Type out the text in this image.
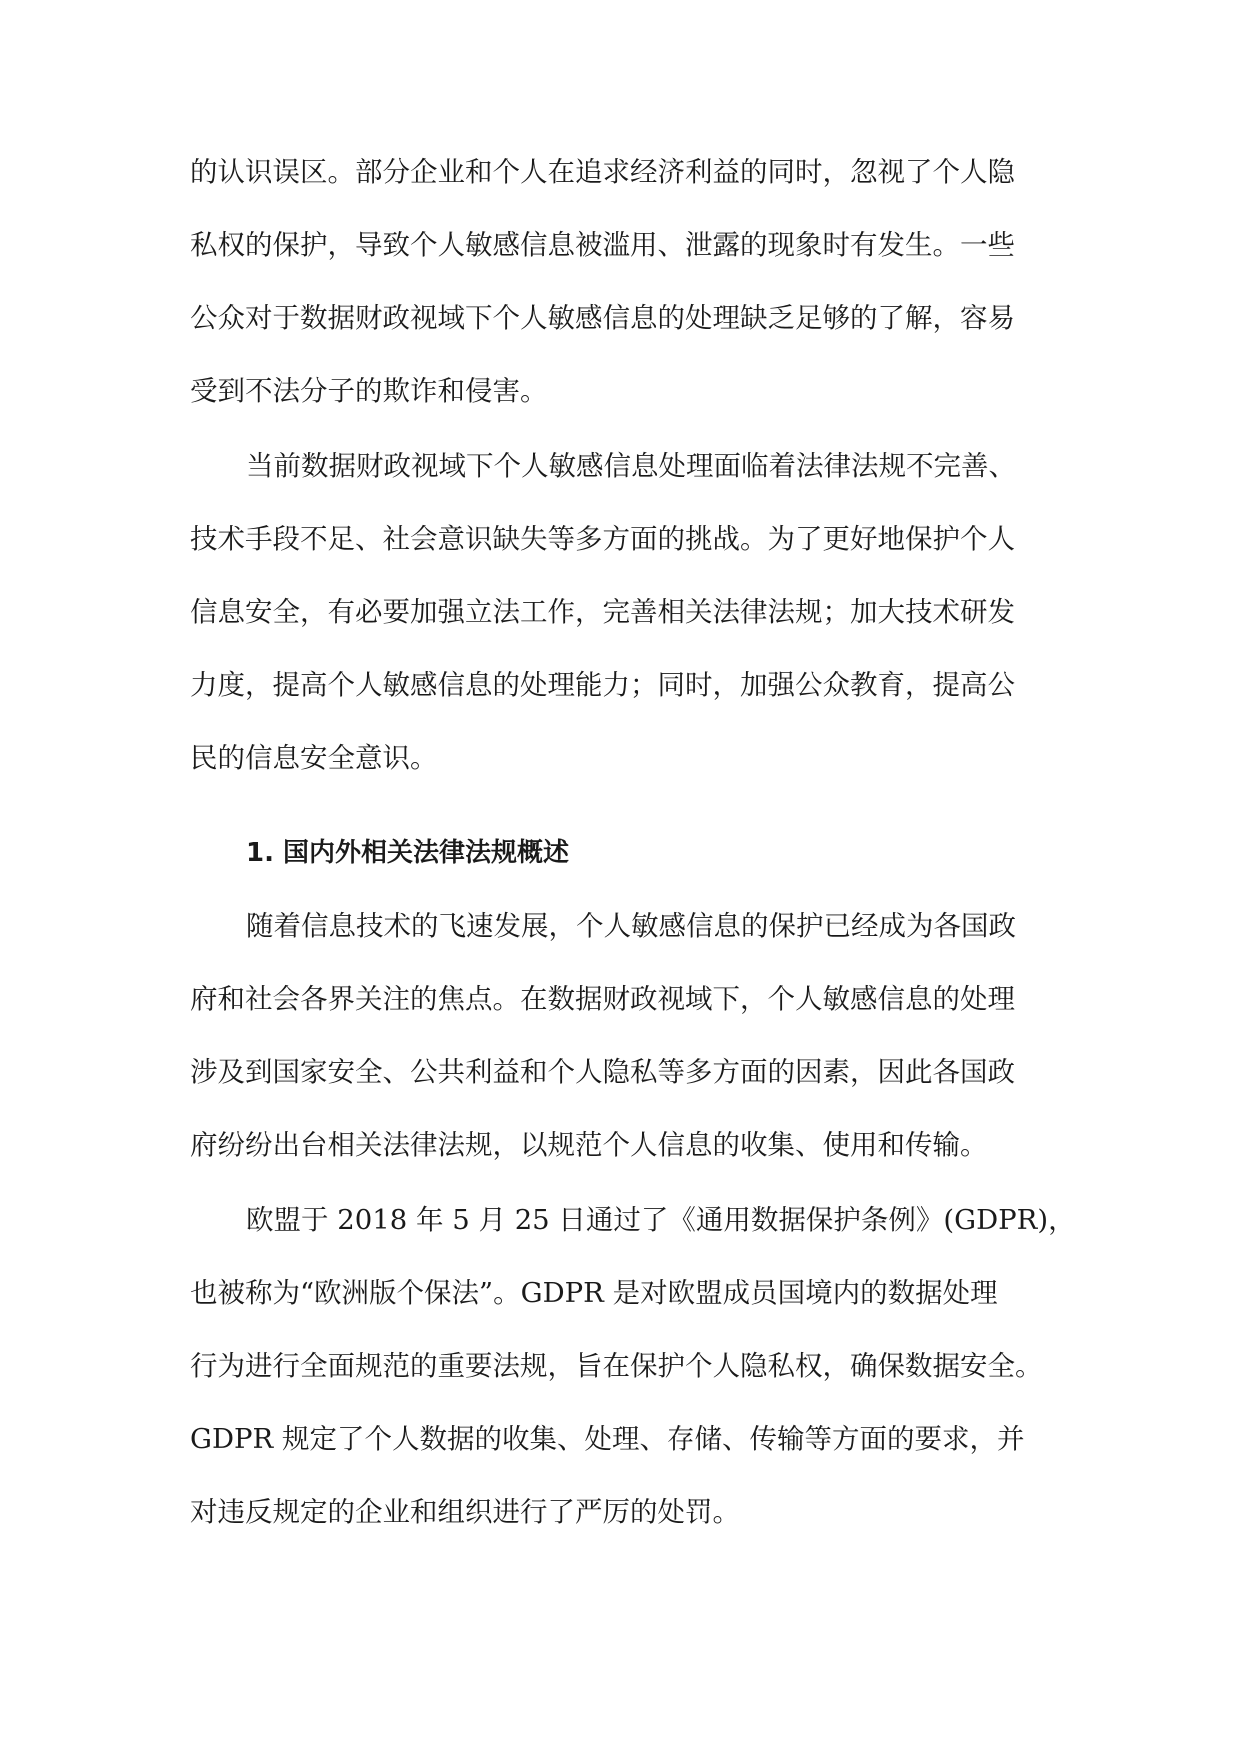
的认识误区。部分企业和个人在追求经济利益的同时，忽视了个人隐
私权的保护，导致个人敏感信息被滥用、泄露的现象时有发生。一些
公众对于数据财政视域下个人敏感信息的处理缺乏足够的了解，容易
受到不法分子的欺诈和侵害。
当前数据财政视域下个人敏感信息处理面临着法律法规不完善、
技术手段不足、社会意识缺失等多方面的挑战。为了更好地保护个人
信息安全，有必要加强立法工作，完善相关法律法规；加大技术研发
力度，提高个人敏感信息的处理能力；同时，加强公众教育，提高公
民的信息安全意识。
1. 国内外相关法律法规概述
随着信息技术的飞速发展，个人敏感信息的保护已经成为各国政
府和社会各界关注的焦点。在数据财政视域下，个人敏感信息的处理
涉及到国家安全、公共利益和个人隐私等多方面的因素，因此各国政
府纷纷出台相关法律法规，以规范个人信息的收集、使用和传输。
欧盟于 2018 年 5 月 25 日通过了《通用数据保护条例》(GDPR)，
也被称为“欧洲版个保法”。GDPR 是对欧盟成员国境内的数据处理
行为进行全面规范的重要法规，旨在保护个人隐私权，确保数据安全。
GDPR 规定了个人数据的收集、处理、存储、传输等方面的要求，并
对违反规定的企业和组织进行了严厉的处罚。
